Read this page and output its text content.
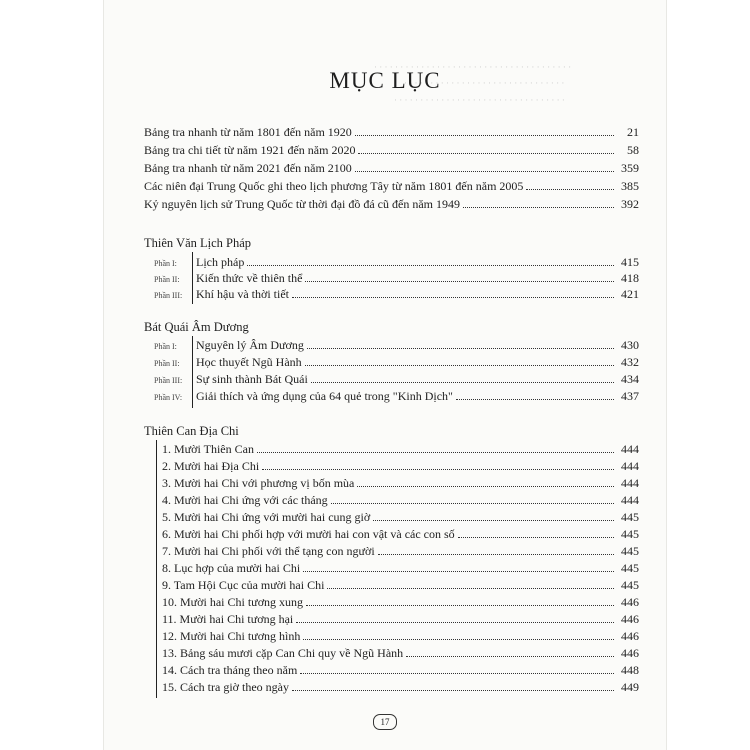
· · · · · · · · · · · · · · · · · · · · · · · · · · · · · · · · · · · · · ·
· · · · · · · · · · · · · · · · · · · · · · · · · · · · · · ·
· · · · · · · · · · · · · · · · · · · · · · · · · · · · · · · · ·
MỤC LỤC
Bảng tra nhanh từ năm 1801 đến năm 1920	21
Bảng tra chi tiết từ năm 1921 đến năm 2020	58
Bảng tra nhanh từ năm 2021 đến năm 2100	359
Các niên đại Trung Quốc ghi theo lịch phương Tây từ năm 1801 đến năm 2005	385
Kỷ nguyên lịch sử Trung Quốc từ thời đại đồ đá cũ đến năm 1949	392
Thiên Văn Lịch Pháp
Phần I: Lịch pháp	415
Phần II: Kiến thức về thiên thể	418
Phần III: Khí hậu và thời tiết	421
Bát Quái Âm Dương
Phần I: Nguyên lý Âm Dương	430
Phần II: Học thuyết Ngũ Hành	432
Phần III: Sự sinh thành Bát Quái	434
Phần IV: Giải thích và ứng dụng của 64 quẻ trong "Kinh Dịch"	437
Thiên Can Địa Chi
1. Mười Thiên Can	444
2. Mười hai Địa Chi	444
3. Mười hai Chi với phương vị bốn mùa	444
4. Mười hai Chi ứng với các tháng	444
5. Mười hai Chi ứng với mười hai cung giờ	445
6. Mười hai Chi phối hợp với mười hai con vật và các con số	445
7. Mười hai Chi phối với thể tạng con người	445
8. Lục hợp của mười hai Chi	445
9. Tam Hội Cục của mười hai Chi	445
10. Mười hai Chi tương xung	446
11. Mười hai Chi tương hại	446
12. Mười hai Chi tương hình	446
13. Bảng sáu mươi cặp Can Chi quy về Ngũ Hành	446
14. Cách tra tháng theo năm	448
15. Cách tra giờ theo ngày	449
17
